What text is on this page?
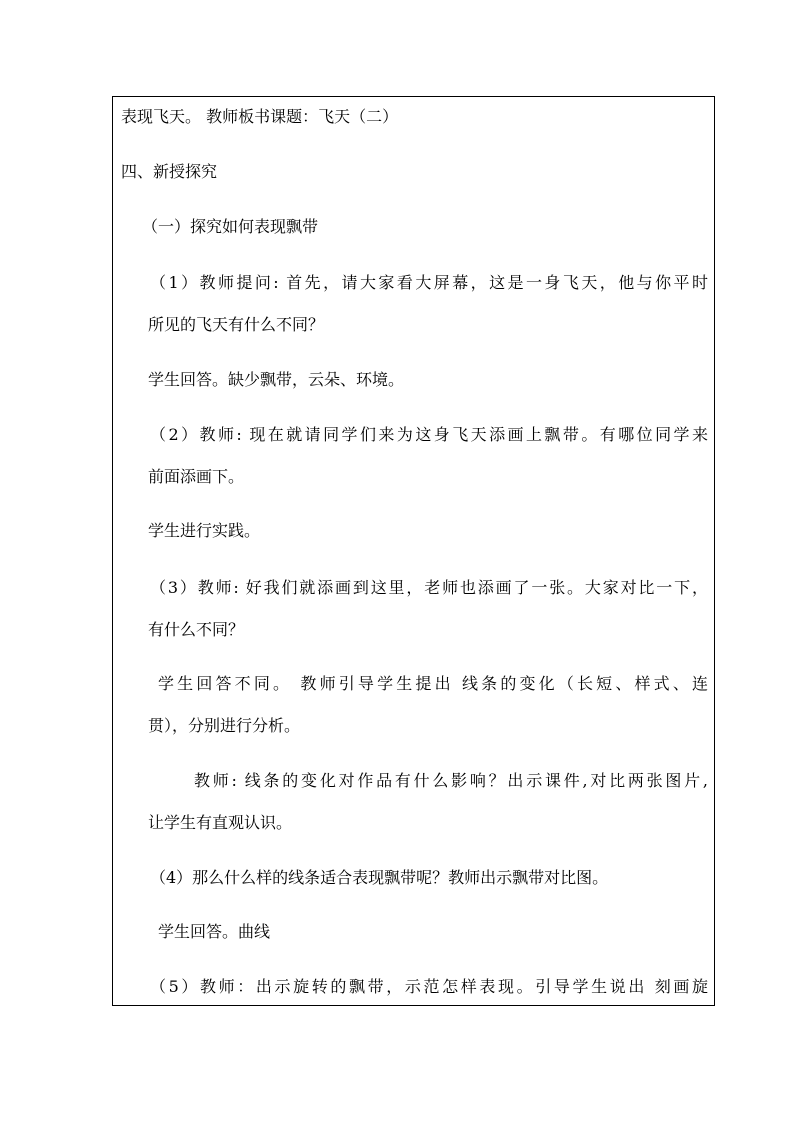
表现飞天。 教师板书课题：飞天（二）
四、新授探究
（一）探究如何表现飘带
（1）教师提问: 首先，请大家看大屏幕，这是一身飞天，他与你平时
所见的飞天有什么不同？
学生回答。缺少飘带，云朵、环境。
（2）教师: 现在就请同学们来为这身飞天添画上飘带。有哪位同学来
前面添画下。
学生进行实践。
（3）教师: 好我们就添画到这里，老师也添画了一张。大家对比一下，
有什么不同？
学生回答不同。 教师引导学生提出 线条的变化（长短、样式、连
贯），分别进行分析。
教师: 线条的变化对作品有什么影响？出示课件,对比两张图片,
让学生有直观认识。
（4）那么什么样的线条适合表现飘带呢？教师出示飘带对比图。
学生回答。曲线
（5）教师：出示旋转的飘带，示范怎样表现。引导学生说出 刻画旋
